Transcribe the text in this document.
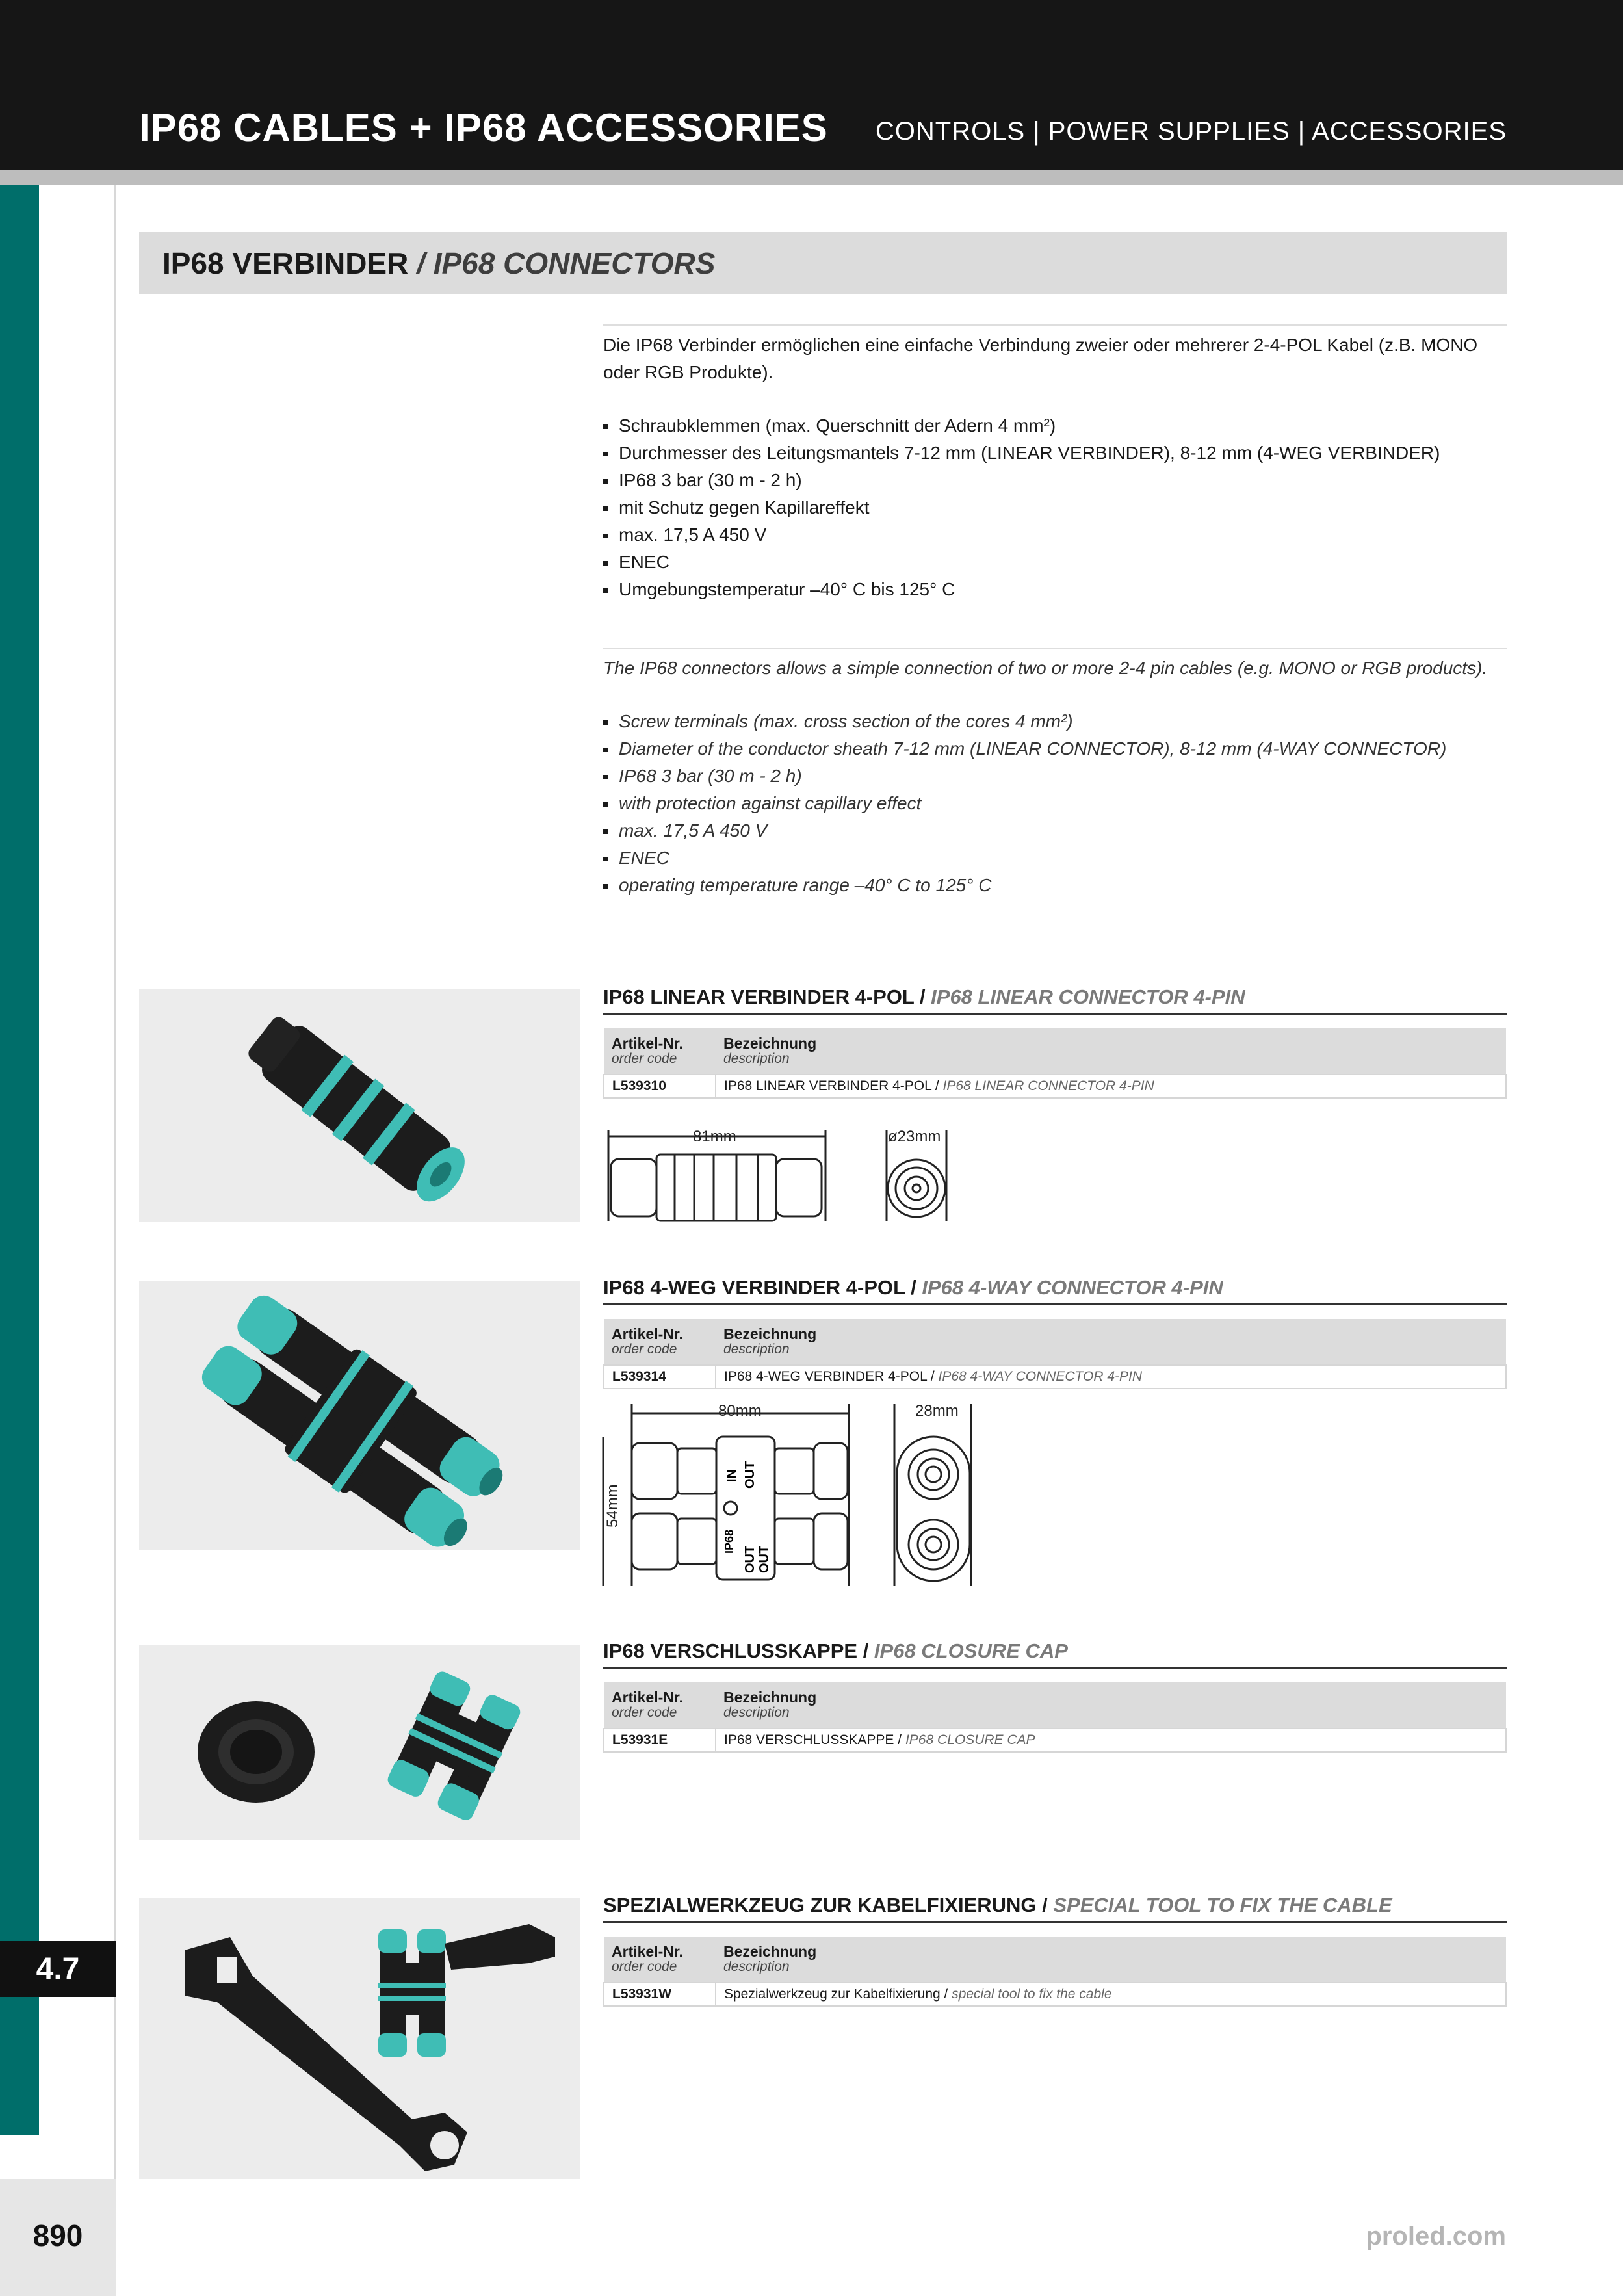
IP68 CABLES + IP68 ACCESSORIES CONTROLS | POWER SUPPLIES | ACCESSORIES
4.7
890	proled.com
IP68 VERBINDER / IP68 CONNECTORS
Die IP68 Verbinder ermöglichen eine einfache Verbindung zweier oder mehrerer 2-4-POL Kabel (z.B. MONO oder RGB Produkte).
Schraubklemmen (max. Querschnitt der Adern 4 mm²)
Durchmesser des Leitungsmantels 7-12 mm (LINEAR VERBINDER), 8-12 mm (4-WEG VERBINDER)
IP68 3 bar (30 m - 2 h)
mit Schutz gegen Kapillareffekt
max. 17,5 A 450 V
ENEC
Umgebungstemperatur –40° C bis 125° C
The IP68 connectors allows a simple connection of two or more 2-4 pin cables (e.g. MONO or RGB products).
Screw terminals (max. cross section of the cores 4 mm²)
Diameter of the conductor sheath 7-12 mm (LINEAR CONNECTOR), 8-12 mm (4-WAY CONNECTOR)
IP68 3 bar (30 m - 2 h)
with protection against capillary effect
max. 17,5 A 450 V
ENEC
operating temperature range –40° C to 125° C
IP68 LINEAR VERBINDER 4-POL / IP68 LINEAR CONNECTOR 4-PIN
Artikel-Nr.
order code	Bezeichnung
description

L539310	IP68 LINEAR VERBINDER 4-POL / IP68 LINEAR CONNECTOR 4-PIN
81mm	ø23mm
IP68 4-WEG VERBINDER 4-POL / IP68 4-WAY CONNECTOR 4-PIN
Artikel-Nr.
order code	Bezeichnung
description

L539314	IP68 4-WEG VERBINDER 4-POL / IP68 4-WAY CONNECTOR 4-PIN
80mm
54mm
IN OUT
IP68
OUT OUT
28mm
IP68 VERSCHLUSSKAPPE / IP68 CLOSURE CAP
Artikel-Nr.
order code	Bezeichnung
description

L53931E	IP68 VERSCHLUSSKAPPE / IP68 CLOSURE CAP
SPEZIALWERKZEUG ZUR KABELFIXIERUNG / SPECIAL TOOL TO FIX THE CABLE
Artikel-Nr.
order code	Bezeichnung
description

L53931W	Spezialwerkzeug zur Kabelfixierung / special tool to fix the cable
